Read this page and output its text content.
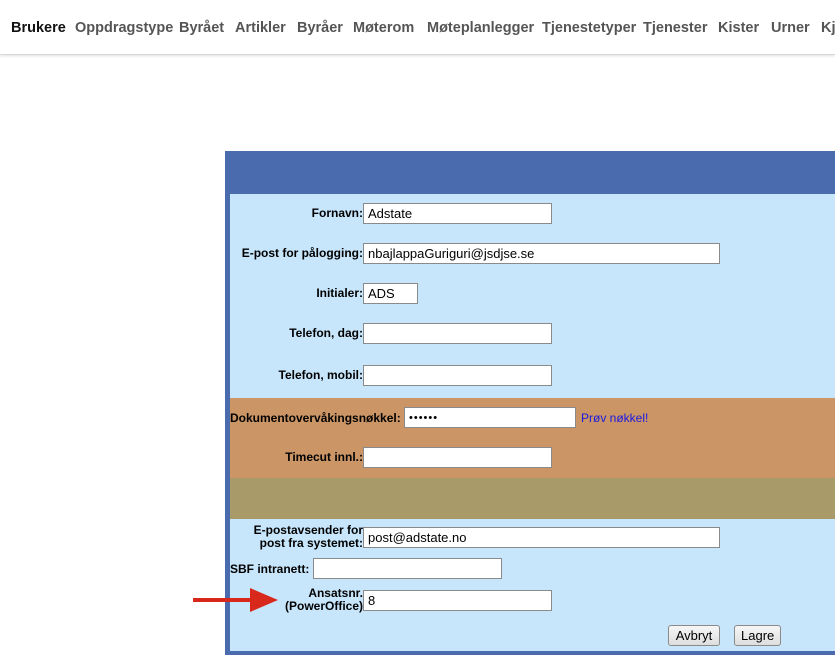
Brukere Oppdragstype Byrået Artikler Byråer Møterom Møteplanlegger Tjenestetyper Tjenester Kister Urner Kj
Fornavn:
Adstate
E-post for pålogging:
nbajlappaGuriguri@jsdjse.se
Initialer:
ADS
Telefon, dag:
Telefon, mobil:
Dokumentovervåkingsnøkkel:
••••••	Prøv nøkkel!
Timecut innl.:
E-postavsender for
post fra systemet:
post@adstate.no
SBF intranett:
Ansatsnr.
(PowerOffice)
8
Avbryt	Lagre
